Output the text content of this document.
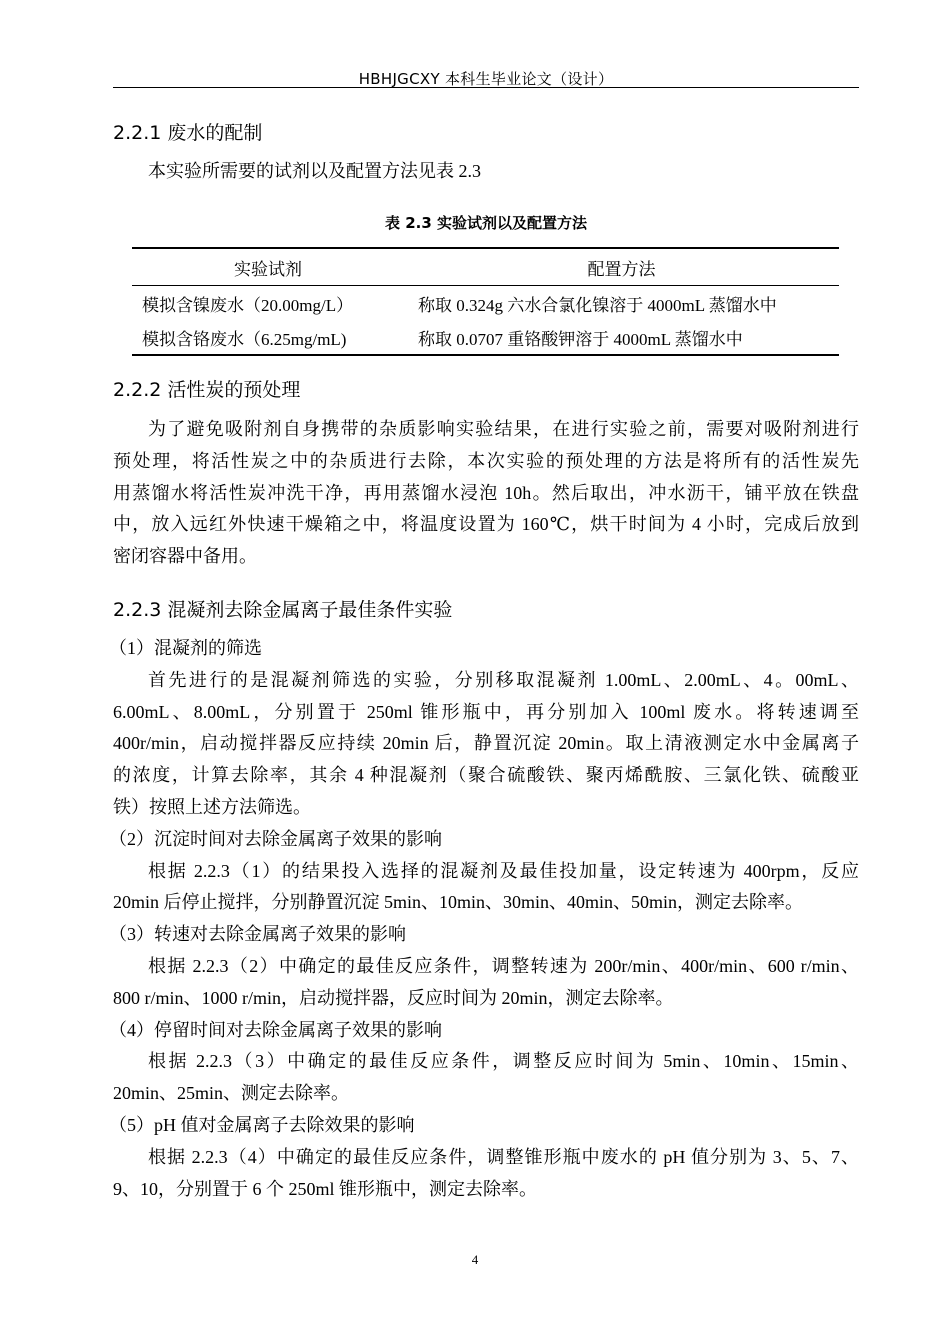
HBHJGCXY 本科生毕业论文（设计）
2.2.1 废水的配制
本实验所需要的试剂以及配置方法见表 2.3
表 2.3 实验试剂以及配置方法
实验试剂	配置方法
模拟含镍废水（20.00mg/L）	称取 0.324g 六水合氯化镍溶于 4000mL 蒸馏水中
模拟含铬废水（6.25mg/mL)	称取 0.0707 重铬酸钾溶于 4000mL 蒸馏水中
2.2.2 活性炭的预处理
为了避免吸附剂自身携带的杂质影响实验结果，在进行实验之前，需要对吸附剂进行
预处理，将活性炭之中的杂质进行去除，本次实验的预处理的方法是将所有的活性炭先
用蒸馏水将活性炭冲洗干净，再用蒸馏水浸泡 10h。然后取出，冲水沥干，铺平放在铁盘
中，放入远红外快速干燥箱之中，将温度设置为 160℃，烘干时间为 4 小时，完成后放到
密闭容器中备用。
2.2.3 混凝剂去除金属离子最佳条件实验
（1）混凝剂的筛选
首先进行的是混凝剂筛选的实验，分别移取混凝剂 1.00mL、2.00mL、4。00mL、
6.00mL、8.00mL，分别置于 250ml 锥形瓶中，再分别加入 100ml 废水。将转速调至
400r/min，启动搅拌器反应持续 20min 后，静置沉淀 20min。取上清液测定水中金属离子
的浓度，计算去除率，其余 4 种混凝剂（聚合硫酸铁、聚丙烯酰胺、三氯化铁、硫酸亚
铁）按照上述方法筛选。
（2）沉淀时间对去除金属离子效果的影响
根据 2.2.3（1）的结果投入选择的混凝剂及最佳投加量，设定转速为 400rpm，反应
20min 后停止搅拌，分别静置沉淀 5min、10min、30min、40min、50min，测定去除率。
（3）转速对去除金属离子效果的影响
根据 2.2.3（2）中确定的最佳反应条件，调整转速为 200r/min、400r/min、600 r/min、
800 r/min、1000 r/min，启动搅拌器，反应时间为 20min，测定去除率。
（4）停留时间对去除金属离子效果的影响
根据 2.2.3（3）中确定的最佳反应条件，调整反应时间为 5min、10min、15min、
20min、25min、测定去除率。
（5）pH 值对金属离子去除效果的影响
根据 2.2.3（4）中确定的最佳反应条件，调整锥形瓶中废水的 pH 值分别为 3、5、7、
9、10，分别置于 6 个 250ml 锥形瓶中，测定去除率。
4
